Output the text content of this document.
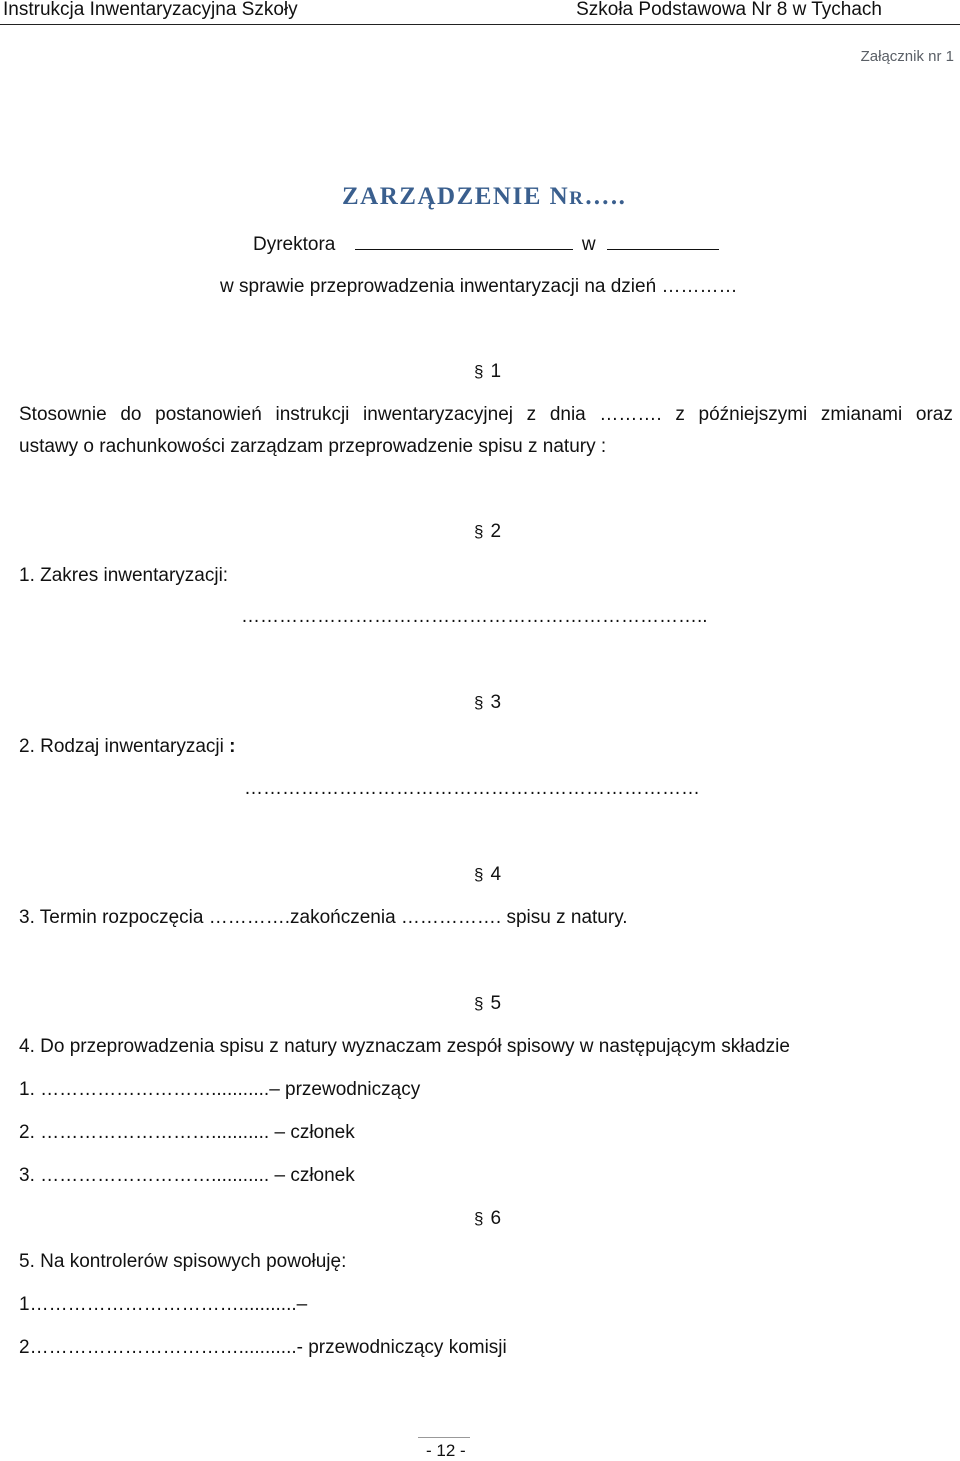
Instrukcja Inwentaryzacyjna Szkoły	Szkoła Podstawowa Nr 8 w Tychach

Załącznik nr 1

ZARZĄDZENIE NR…..

Dyrektora	w

w sprawie przeprowadzenia inwentaryzacji na dzień …………

§ 1

Stosownie do postanowień instrukcji inwentaryzacyjnej z dnia ………. z późniejszymi zmianami oraz

ustawy o rachunkowości zarządzam przeprowadzenie spisu z natury :

§ 2

1. Zakres inwentaryzacji:

………………………………………………………………..

§ 3

2. Rodzaj inwentaryzacji :

………………………………………………………………

§ 4

3. Termin rozpoczęcia ………….zakończenia ……………. spisu z natury.

§ 5

4. Do przeprowadzenia spisu z natury wyznaczam zespół spisowy w następującym składzie

1. ………………………...........– przewodniczący

2. ………………………........... – członek

3. ………………………........... – członek

§ 6

5. Na kontrolerów spisowych powołuję:

1……………………………...........–

2……………………………...........- przewodniczący komisji

- 12 -
